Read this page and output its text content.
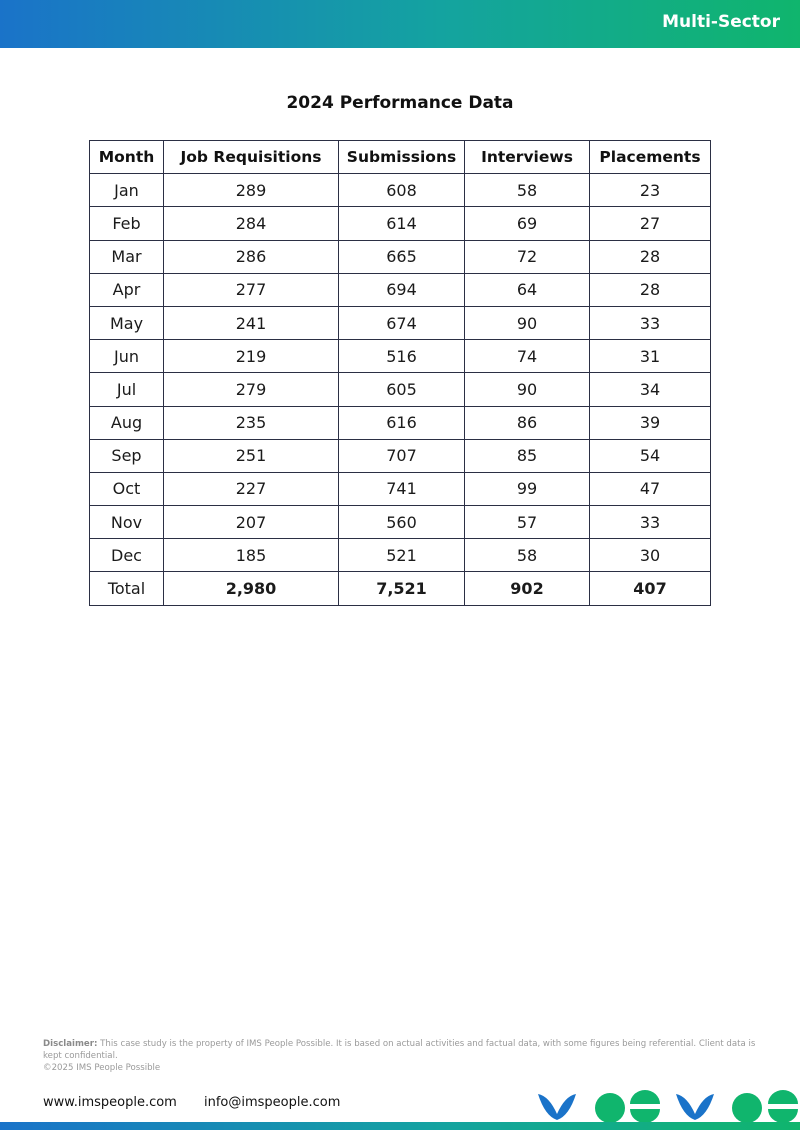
Multi-Sector
2024 Performance Data
Month	Job Requisitions	Submissions	Interviews	Placements
Jan	289	608	58	23
Feb	284	614	69	27
Mar	286	665	72	28
Apr	277	694	64	28
May	241	674	90	33
Jun	219	516	74	31
Jul	279	605	90	34
Aug	235	616	86	39
Sep	251	707	85	54
Oct	227	741	99	47
Nov	207	560	57	33
Dec	185	521	58	30
Total	2,980	7,521	902	407
Disclaimer: This case study is the property of IMS People Possible. It is based on actual activities and factual data, with some figures being referential. Client data is kept confidential.
©2025 IMS People Possible
www.imspeople.com info@imspeople.com
